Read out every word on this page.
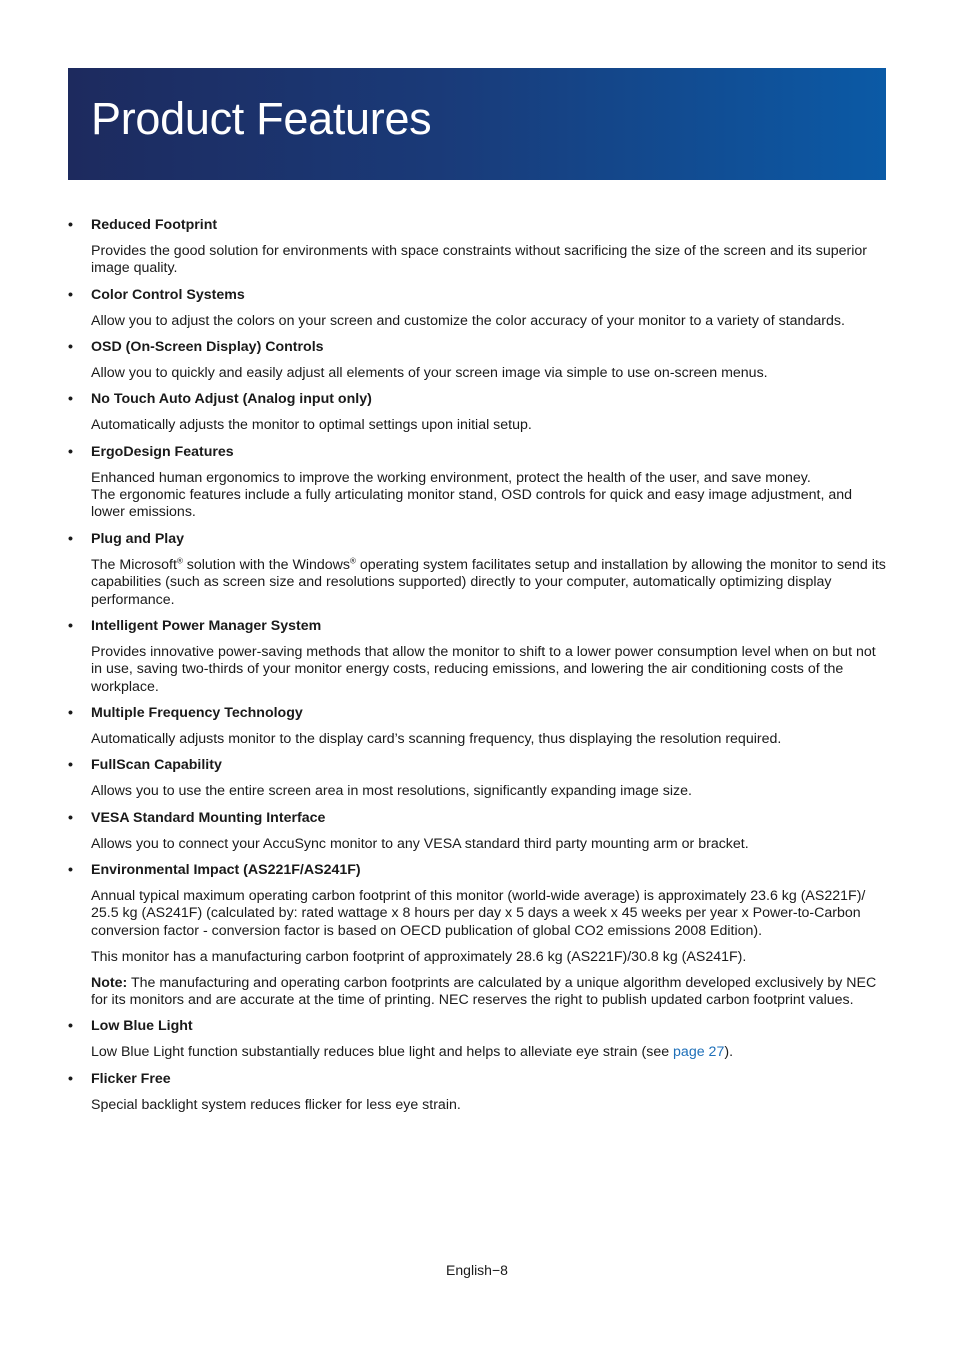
Product Features
• Reduced Footprint

Provides the good solution for environments with space constraints without sacrificing the size of the screen and its superior image quality.

• Color Control Systems

Allow you to adjust the colors on your screen and customize the color accuracy of your monitor to a variety of standards.

• OSD (On-Screen Display) Controls

Allow you to quickly and easily adjust all elements of your screen image via simple to use on-screen menus.

• No Touch Auto Adjust (Analog input only)

Automatically adjusts the monitor to optimal settings upon initial setup.

• ErgoDesign Features

Enhanced human ergonomics to improve the working environment, protect the health of the user, and save money.
The ergonomic features include a fully articulating monitor stand, OSD controls for quick and easy image adjustment, and lower emissions.

• Plug and Play

The Microsoft® solution with the Windows® operating system facilitates setup and installation by allowing the monitor to send its capabilities (such as screen size and resolutions supported) directly to your computer, automatically optimizing display performance.

• Intelligent Power Manager System

Provides innovative power-saving methods that allow the monitor to shift to a lower power consumption level when on but not in use, saving two-thirds of your monitor energy costs, reducing emissions, and lowering the air conditioning costs of the workplace.

• Multiple Frequency Technology

Automatically adjusts monitor to the display card’s scanning frequency, thus displaying the resolution required.

• FullScan Capability

Allows you to use the entire screen area in most resolutions, significantly expanding image size.

• VESA Standard Mounting Interface

Allows you to connect your AccuSync monitor to any VESA standard third party mounting arm or bracket.

• Environmental Impact (AS221F/AS241F)

Annual typical maximum operating carbon footprint of this monitor (world-wide average) is approximately 23.6 kg (AS221F)/ 25.5 kg (AS241F) (calculated by: rated wattage x 8 hours per day x 5 days a week x 45 weeks per year x Power-to-Carbon conversion factor - conversion factor is based on OECD publication of global CO2 emissions 2008 Edition).

This monitor has a manufacturing carbon footprint of approximately 28.6 kg (AS221F)/30.8 kg (AS241F).

Note: The manufacturing and operating carbon footprints are calculated by a unique algorithm developed exclusively by NEC for its monitors and are accurate at the time of printing. NEC reserves the right to publish updated carbon footprint values.

• Low Blue Light

Low Blue Light function substantially reduces blue light and helps to alleviate eye strain (see page 27).

• Flicker Free

Special backlight system reduces flicker for less eye strain.

English−8
